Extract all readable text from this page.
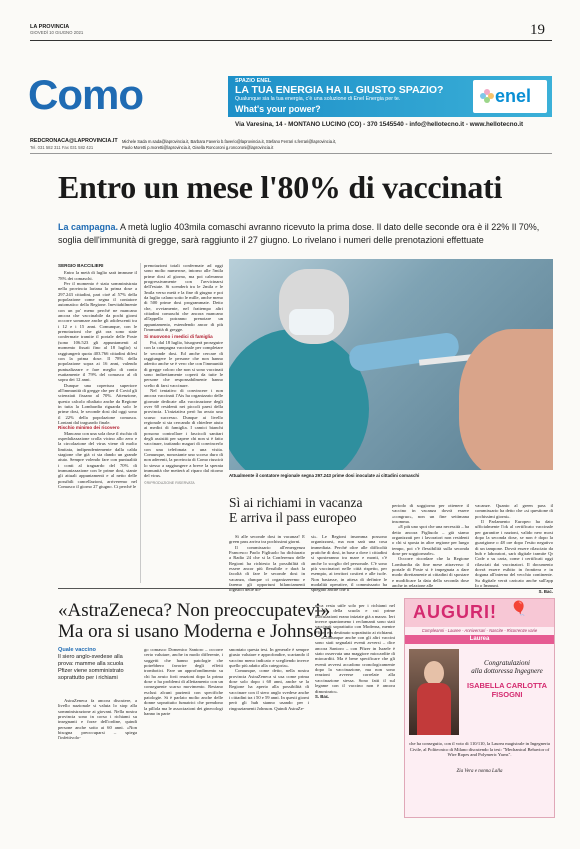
LA PROVINCIA
GIOVEDÌ 10 GIUGNO 2021	19
Como	SPAZIO ENEL
LA TUA ENERGIA HA IL GIUSTO SPAZIO?
Qualunque sia la tua energia, c'è una soluzione di Enel Energia per te.
What's your power?
enel
Via Varesina, 14 - MONTANO LUCINO (CO) - 370 1545540 - info@hellotecno.it - www.hellotecno.it
REDCRONACA@LAPROVINCIA.IT
Tel. 031 582 311 Fax 031 582 421
Michele Sada m.sada@laprovincia.it, Barbara Faverio b.faverio@laprovincia.it, Stefano Ferrari s.ferrari@laprovincia.it,
Paolo Moretti p.moretti@laprovincia.it, Gisella Roncoroni g.roncoroni@laprovincia.it
Entro un mese l'80% di vaccinati
La campagna. A metà luglio 403mila comaschi avranno ricevuto la prima dose. Il dato delle seconde ora è il 22% Il 70%, soglia dell'immunità di gregge, sarà raggiunto il 27 giugno. Lo rivelano i numeri delle prenotazioni effettuate
SERGIO BACCILIERI

Entro la metà di luglio sarà immune il 78% dei comaschi.

Per il momento è stata somministrata nella provincia lariana la prima dose a 297.243 cittadini, pari cioè al 57% della popolazione come segna il contatore automatico della Regione. Inevitabilmente con un po' meno perché ne mancano ancora che vaccinabile da pochi giorni occorre sommare anche gli adolescenti tra i 12 e i 15 anni. Comunque, con le prenotazioni che già ora sono state confermate tramite il portale delle Poste (sono 106.523 gli appuntamenti al momento fissati fino al 18 luglio) si raggiungerà quota 403.766 cittadini difesi con la prima dose. Il 78% della popolazione sopra ai 16 anni, valendo puntualizzare e fare meglio di conto esattamente il 79% del comasco al di sopra dei 12 anni.

Dunque una copertura superiore all'immunità di gregge che per il Covid gli scienziati fissano al 70%. Attenzione, questo calcolo ribaltato anche da Regione in tutta la Lombardia riguarda solo le prime dosi, le seconde dosi dal oggi sono il 22% della popolazione comasca. Lontani dal traguardo finale.

Rischio minimo dei ricovero

Mancano con una sola dose il rischio di ospedalizzazione crolla vicino allo zero e la circolazione del virus viene di molto limitata, indipendentemente dalla calda stagione che già ci sta dando un grande aiuto. Sempre volendo fare con puntualità i conti al traguardo del 70% di immunizzazione con le prime dosi, stante gli attuali appuntamenti e al netto delle possibili cancellazioni, arriveremo nel Comasco il giorno 27 giugno. Ci perché le

prenotazioni totali confermate ad oggi sono molto numerose, intorno alle 5mila prime dosi al giorno, ma poi caleranno progressivamente con l'avvicinarsi dell'estate. Si scenderà tra le 2mila e le 3mila verso metà e la fine di giugno e poi da luglio calano sotto le mille, anche meno di 500 prime dosi programmate. Detto che, ovviamente, nel frattempo altri cittadini comaschi che ancora mancano all'appello potranno prenotare un appuntamento, estendendo ancor di più l'immunità di gregge.

Si muovono i medici di famiglia

Poi, dal 18 luglio, bisognerà proseguire con la campagna vaccinale per completare le seconde dosi. Ed anche cercare di raggiungere le persone che non hanno aderito anche se è vero che con l'immunità di gregge coloro che non si sono vaccinati sono indirettamente coperti da tutte le persone che responsabilmente hanno scelto di farsi vaccinare.

Nel tentativo di convincere i non ancora vaccinati l'Ats ha organizzato delle giornate dedicate alla vaccinazione degli over 60 residenti nei piccoli paesi della provincia. L'iniziativa però ha avuto uno scarso successo. Dunque ai livello regionale si sta cercando di chiedere aiuto ai medici di famiglia. I camici bianchi possono controllare i fascicoli sanitari degli assistiti per sapere chi non si è fatto vaccinare, trattando magari di convincerlo con una telefonata o una visita. Comunque, nonostante uno scorso duro di non aderenti, la provincia di Como riuscirà lo stesso a raggiungere a breve la sperata immunità che metterà al riparo dal ritorno del virus.

©RIPRODUZIONE RISERVATA
Attualmente il contatore regionale segna 297.243 prime dosi inoculate ai cittadini comaschi
Sì ai richiami in vacanza
E arriva il pass europeo

Sì alle seconde dosi in vacanza! E green pass arriva tra pochissimi giorni.

Il commissario all'emergenza Francesco Paolo Figliuolo ha dichiarato a Radio 24 che si la Conferenza delle Regioni ha richiesto la possibilità di essere ancor più flessibile e darà la facoltà di fare le seconde dosi in vacanza, dunque ci organizzeremo e faremo gli opportuni bilanciamenti logistici delle do-

si». Le Regioni insomma possono organizzarsi, ma non sarà una cosa immediata. Perché oltre alle difficoltà pratiche di dosi, in base a dove i cittadini si sposteranno tra mare e monti, c'è anche lo scoglio del personale. C'è sono più vaccinatori nelle città rispetto, per esempio, ai territori costieri e alle isole. Non bastasse, in attesa di definire le modalità operative, il commissario ha spiegato anche che il

periodo di soggiorno per ottenere il vaccino in vacanza dovrà essere «congruo», non un fine settimana insomma.

«E più uno spot che una necessità – ha detto ancora Figliuolo – già siamo organizzati per i lavoratori non residenti o chi si sposta in altre regione per lungo tempo, poi c'è flessibilità sulla seconda dose per soggiornarle».

Occorre ricordare che la Regione Lombardia da fine mese attraverso il portale di Poste si è impegnata a dare modo direttamente ai cittadini di spostare e modificare la data della seconda dose anche in relazione alle

vacanze. Quanto al green pass il commissario ha detto che «si questione di pochissimi giorni».

Il Parlamento Europeo ha dato ufficialmente l'ok al certificato vaccinale per garantire i nazioni, valido new most dopo la seconda dose, se non è dopo la guarigione o 48 ore dopo l'esito negativo di un tampone. Dovrà essere rilasciato da hub e laboratori, sarà digitale tramite Qr Code o su carta, come i certificati oggi rilasciati dai vaccinatori. Il documento dovrà essere esibito in frontiera e in dogana all'interno del vecchio continente. Su digitale verrà caricato anche sull'app Io o Immuni.

S. Bac.
«AstraZeneca? Non preoccupatevi»
Ma ora si usano Moderna e Johnson
Quale vaccino
Il siero anglo-svedese alla prova: mamme alla scuola Pfizer viene somministrato soprattutto per i richiami

AstraZeneca fa ancora discutere, a livello nazionale si valuta lo stop alla somministrazione ai giovani. Nella nostra provincia sono in corso i richiami su insegnanti e forze dell'ordine, quindi persone anche sotto ai 60 anni. «Non bisogna preoccuparsi – spiega l'infettivolo-

go comasco Domenico Santoro – occorre certo valutare, anche in modo differente, i soggetti che hanno patologie che potrebbero favorire degli effetti trombotici. Fare un approfondimento su chi ha avuto forti reazioni dopo la prima dose o ha problemi di allettamento con un conseguente scarso movimento. Restano esclusi alcuni pazienti con specifiche patologie. Si è parlato molto anche delle donne soprattutto fumatrici che prendono la pillola ma le associazioni dei ginecologi hanno in parte

smontato questa tesi. In generale è sempre giusto valutare e approfondire, scartando il vaccino meno indicato e scegliendo invece quello più adatto alla categoria».

Comunque, come detto, nella nostra provincia AstraZeneca si usa come prima dose solo dopo i 60 anni, anche se la Regione ha aperto alla possibilità di vaccinare con il siero anglo svedese anche i cittadini tra i 50 e 59 anni. In questi giorni però gli hub stanno usando per i ringraziamenti Johnson. Quindi AstraZe-

neca resta utile solo per i richiami nel mondo della scuola e cui prime inoculazioni erano iniziate già a marzo. Ieri invece quantomeno i reclamanti sono stati vaccinati soprattutto con Moderna, mentre Pfizer era destinato soprattutto ai richiami.

«Comunque anche con gli altri vaccini sono stati segnalati eventi avversi – dice ancora Santoro – con Pfizer in Israele è stato osservata una maggiore miocardite di miocarditi. Ma è bene specificare che gli eventi avversi accadono cronologicamente dopo la vaccinazione, ma non sono reazioni avverse correlate alla vaccinazione stessa. Sono fatti il sul legame con il vaccino non è ancora dimostrato».

S. Bac.
AUGURI! 🎈
Compleanni - Lauree - Anniversari - Nascite - Ricorrenze varie
Laurea
Congratulazioni
alla dottoressa Ingegnere
ISABELLA CARLOTTA
FISOGNI
che ha conseguito, con il voto di 110/110, la Laurea magistrale in Ingegneria Civile, al Politecnico di Milano discutendo la tesi: "Mechanical Behavior of Wire Ropes and Polymeric Yarns".
Zia Vera e nonna Lalla
